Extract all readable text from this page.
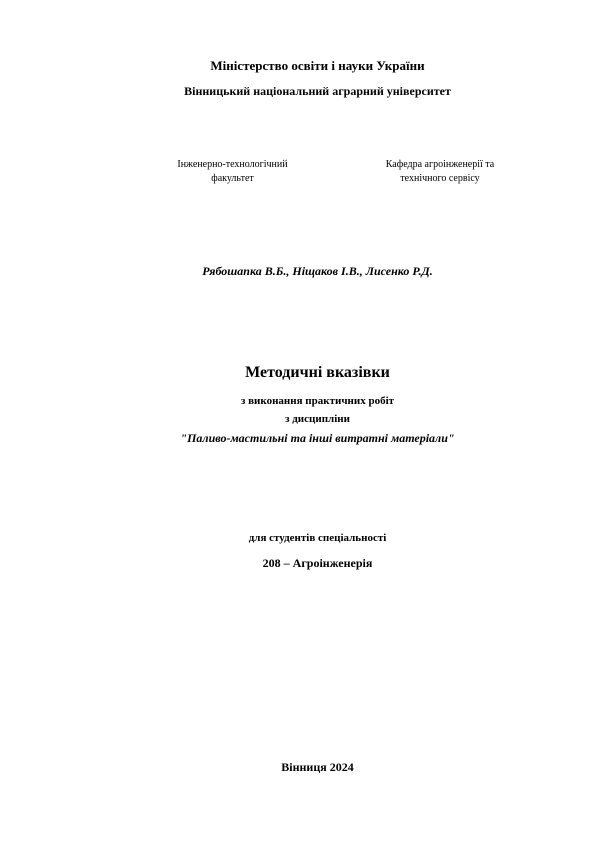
Міністерство освіти і науки України
Вінницький національний аграрний університет
Інженерно-технологічний
факультет
Кафедра агроінженерії та
технічного сервісу
Рябошапка В.Б., Ніщаков І.В., Лисенко Р.Д.
Методичні вказівки
з виконання практичних робіт
з дисципліни
"Паливо-мастильні та інші витратні матеріали"
для студентів спеціальності
208 – Агроінженерія
Вінниця 2024
